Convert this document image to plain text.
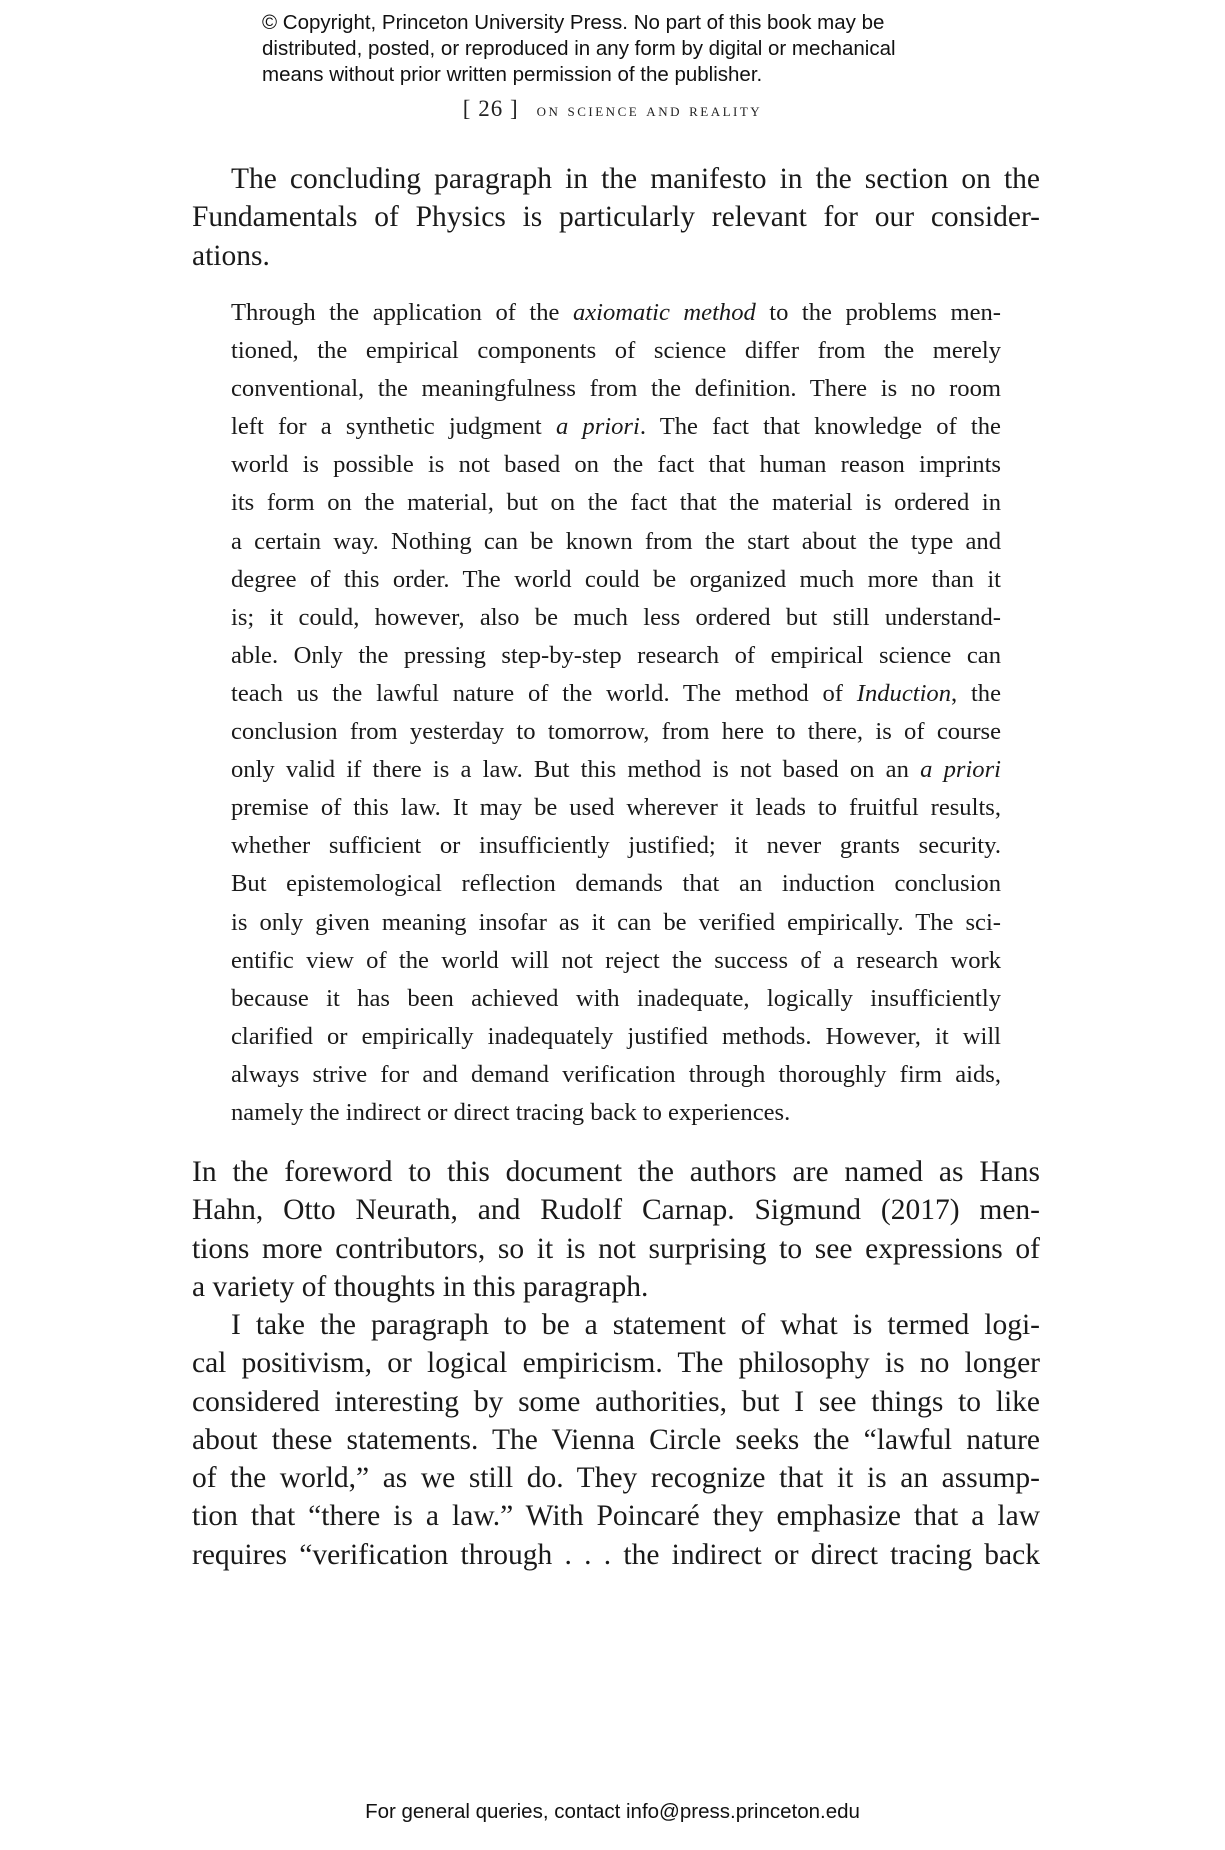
© Copyright, Princeton University Press. No part of this book may be
distributed, posted, or reproduced in any form by digital or mechanical
means without prior written permission of the publisher.
[ 26 ] on science and reality
The concluding paragraph in the manifesto in the section on the
Fundamentals of Physics is particularly relevant for our consider-
ations.
Through the application of the axiomatic method to the problems men-
tioned, the empirical components of science differ from the merely
conventional, the meaningfulness from the definition. There is no room
left for a synthetic judgment a priori. The fact that knowledge of the
world is possible is not based on the fact that human reason imprints
its form on the material, but on the fact that the material is ordered in
a certain way. Nothing can be known from the start about the type and
degree of this order. The world could be organized much more than it
is; it could, however, also be much less ordered but still understand-
able. Only the pressing step-by-step research of empirical science can
teach us the lawful nature of the world. The method of Induction, the
conclusion from yesterday to tomorrow, from here to there, is of course
only valid if there is a law. But this method is not based on an a priori
premise of this law. It may be used wherever it leads to fruitful results,
whether sufficient or insufficiently justified; it never grants security.
But epistemological reflection demands that an induction conclusion
is only given meaning insofar as it can be verified empirically. The sci-
entific view of the world will not reject the success of a research work
because it has been achieved with inadequate, logically insufficiently
clarified or empirically inadequately justified methods. However, it will
always strive for and demand verification through thoroughly firm aids,
namely the indirect or direct tracing back to experiences.
In the foreword to this document the authors are named as Hans
Hahn, Otto Neurath, and Rudolf Carnap. Sigmund (2017) men-
tions more contributors, so it is not surprising to see expressions of
a variety of thoughts in this paragraph.
I take the paragraph to be a statement of what is termed logi-
cal positivism, or logical empiricism. The philosophy is no longer
considered interesting by some authorities, but I see things to like
about these statements. The Vienna Circle seeks the “lawful nature
of the world,” as we still do. They recognize that it is an assump-
tion that “there is a law.” With Poincaré they emphasize that a law
requires “verification through . . . the indirect or direct tracing back
For general queries, contact info@press.princeton.edu
